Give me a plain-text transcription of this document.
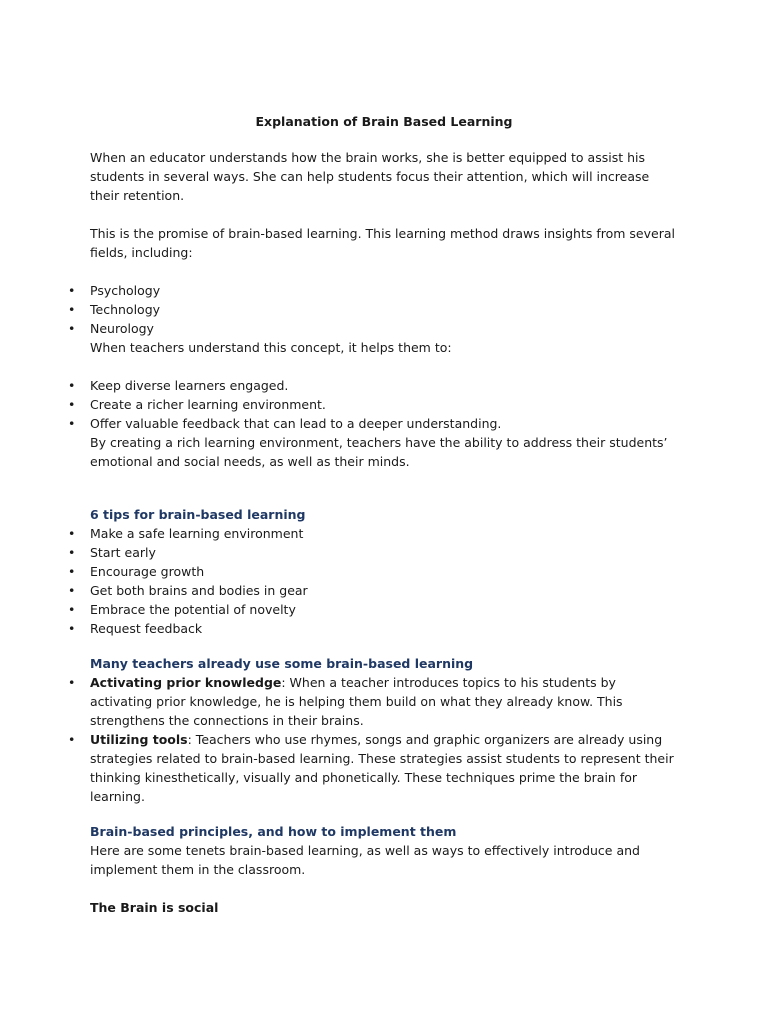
Explanation of Brain Based Learning

When an educator understands how the brain works, she is better equipped to assist his students in several ways. She can help students focus their attention, which will increase their retention.

This is the promise of brain-based learning. This learning method draws insights from several fields, including:

• Psychology
• Technology
• Neurology

When teachers understand this concept, it helps them to:

• Keep diverse learners engaged.
• Create a richer learning environment.
• Offer valuable feedback that can lead to a deeper understanding.

By creating a rich learning environment, teachers have the ability to address their students’ emotional and social needs, as well as their minds.

6 tips for brain-based learning

• Make a safe learning environment
• Start early
• Encourage growth
• Get both brains and bodies in gear
• Embrace the potential of novelty
• Request feedback

Many teachers already use some brain-based learning

• Activating prior knowledge: When a teacher introduces topics to his students by activating prior knowledge, he is helping them build on what they already know. This strengthens the connections in their brains.
• Utilizing tools: Teachers who use rhymes, songs and graphic organizers are already using strategies related to brain-based learning. These strategies assist students to represent their thinking kinesthetically, visually and phonetically. These techniques prime the brain for learning.

Brain-based principles, and how to implement them

Here are some tenets brain-based learning, as well as ways to effectively introduce and implement them in the classroom.

The Brain is social
